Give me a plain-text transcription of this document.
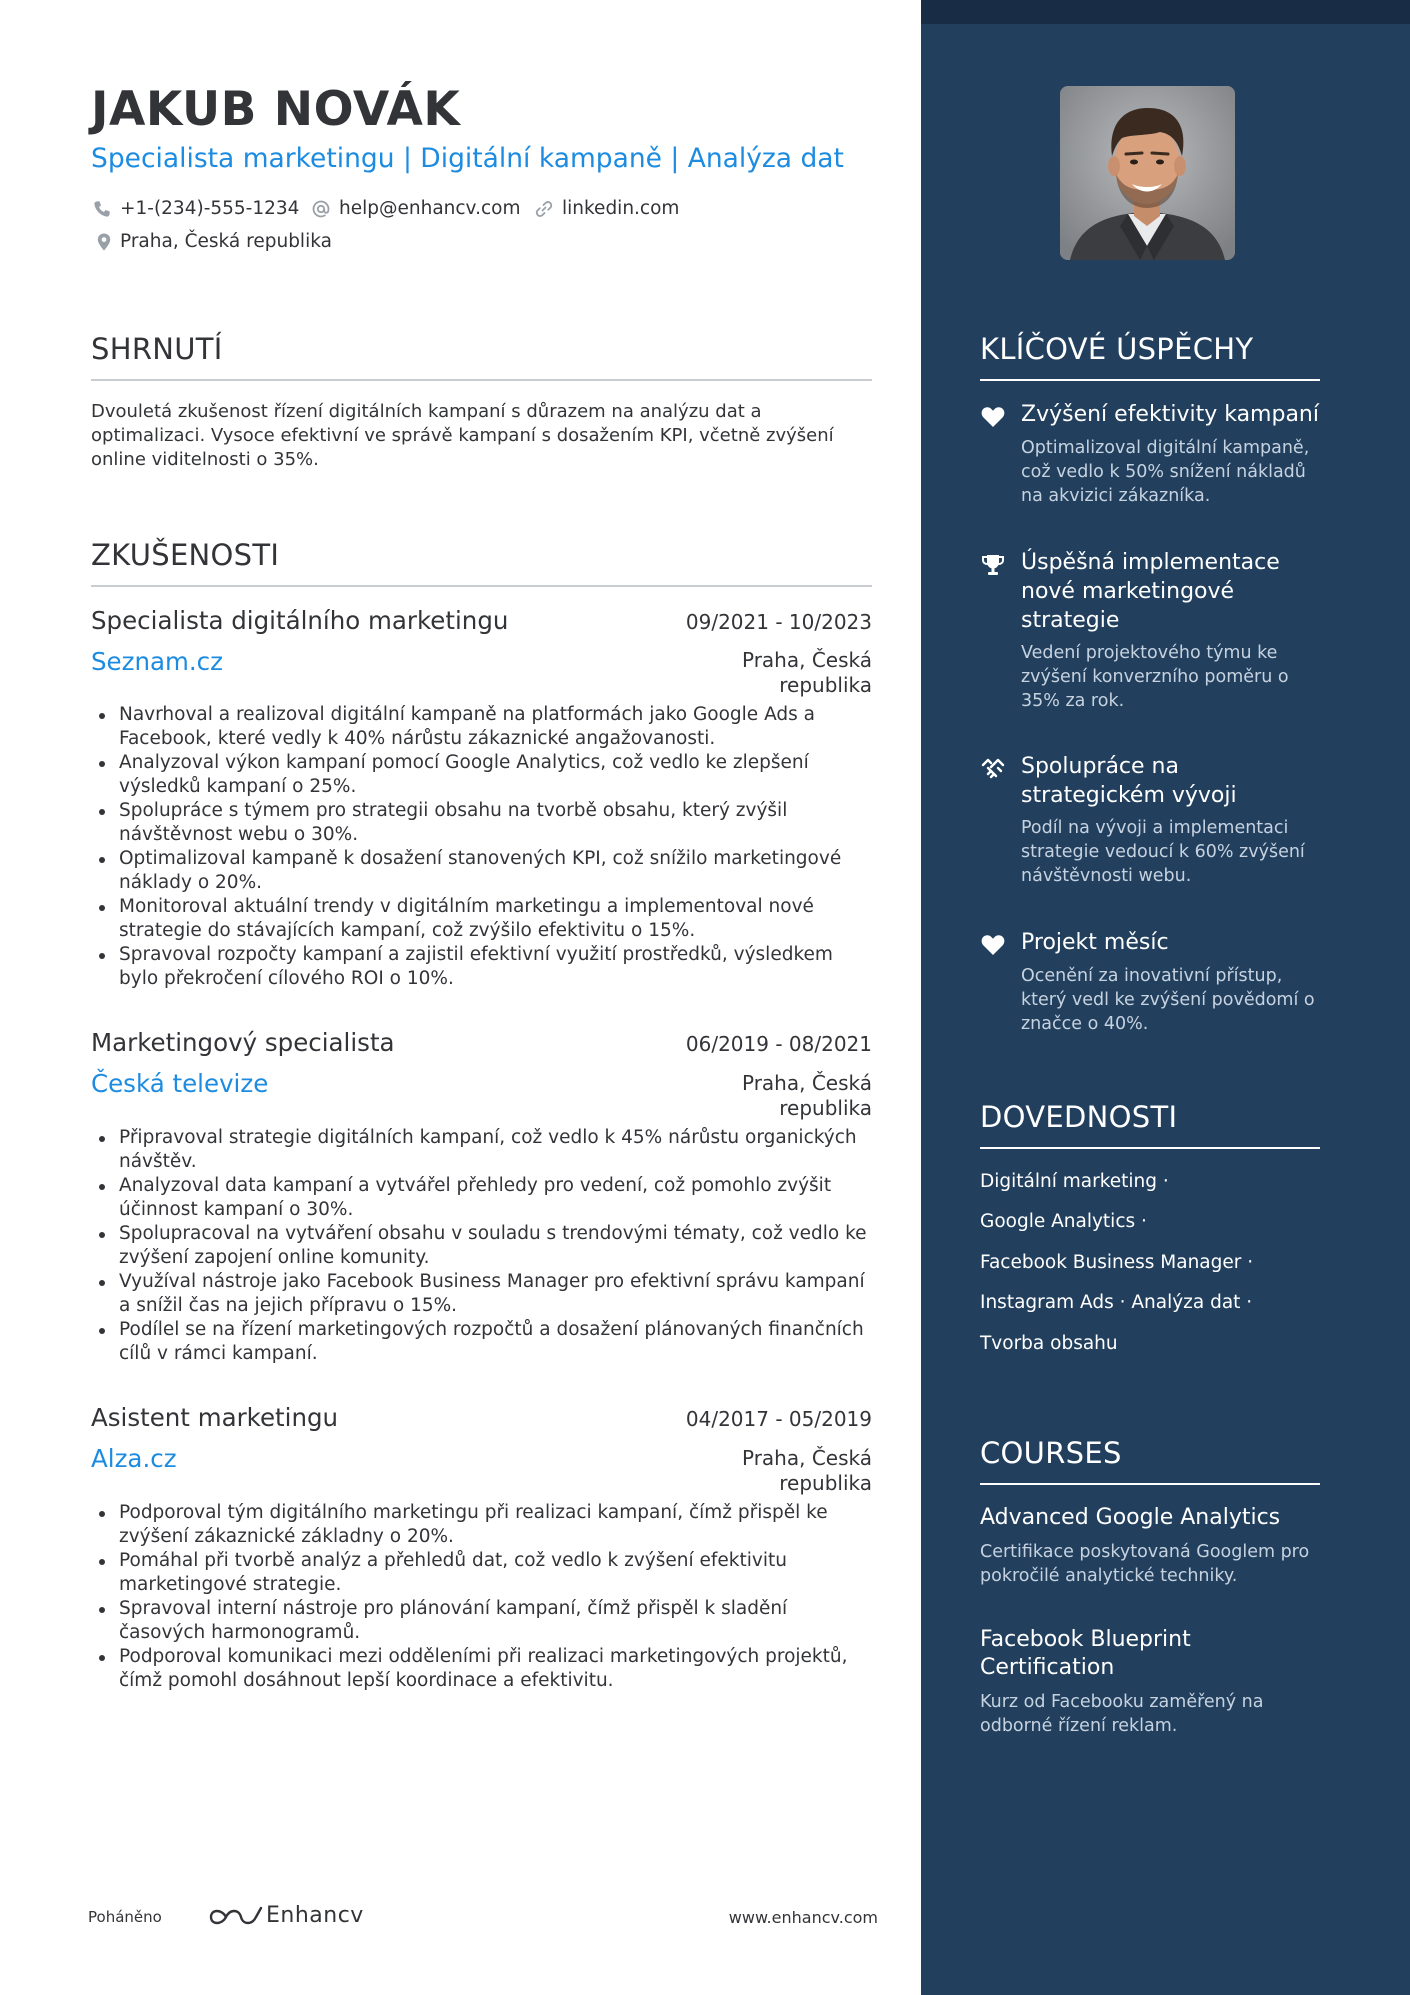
JAKUB NOVÁK
Specialista marketingu | Digitální kampaně | Analýza dat
+1-(234)-555-1234 help@enhancv.com linkedin.com
Praha, Česká republika
SHRNUTÍ
Dvouletá zkušenost řízení digitálních kampaní s důrazem na analýzu dat a optimalizaci. Vysoce efektivní ve správě kampaní s dosažením KPI, včetně zvýšení online viditelnosti o 35%.
ZKUŠENOSTI
Specialista digitálního marketingu	09/2021 - 10/2023
Seznam.cz	Praha, Česká republika
Navrhoval a realizoval digitální kampaně na platformách jako Google Ads a Facebook, které vedly k 40% nárůstu zákaznické angažovanosti.
Analyzoval výkon kampaní pomocí Google Analytics, což vedlo ke zlepšení výsledků kampaní o 25%.
Spolupráce s týmem pro strategii obsahu na tvorbě obsahu, který zvýšil návštěvnost webu o 30%.
Optimalizoval kampaně k dosažení stanovených KPI, což snížilo marketingové náklady o 20%.
Monitoroval aktuální trendy v digitálním marketingu a implementoval nové strategie do stávajících kampaní, což zvýšilo efektivitu o 15%.
Spravoval rozpočty kampaní a zajistil efektivní využití prostředků, výsledkem bylo překročení cílového ROI o 10%.
Marketingový specialista	06/2019 - 08/2021
Česká televize	Praha, Česká republika
Připravoval strategie digitálních kampaní, což vedlo k 45% nárůstu organických návštěv.
Analyzoval data kampaní a vytvářel přehledy pro vedení, což pomohlo zvýšit účinnost kampaní o 30%.
Spolupracoval na vytváření obsahu v souladu s trendovými tématy, což vedlo ke zvýšení zapojení online komunity.
Využíval nástroje jako Facebook Business Manager pro efektivní správu kampaní a snížil čas na jejich přípravu o 15%.
Podílel se na řízení marketingových rozpočtů a dosažení plánovaných finančních cílů v rámci kampaní.
Asistent marketingu	04/2017 - 05/2019
Alza.cz	Praha, Česká republika
Podporoval tým digitálního marketingu při realizaci kampaní, čímž přispěl ke zvýšení zákaznické základny o 20%.
Pomáhal při tvorbě analýz a přehledů dat, což vedlo k zvýšení efektivitu marketingové strategie.
Spravoval interní nástroje pro plánování kampaní, čímž přispěl k sladění časových harmonogramů.
Podporoval komunikaci mezi odděleními při realizaci marketingových projektů, čímž pomohl dosáhnout lepší koordinace a efektivitu.
Poháněno	Enhancv	www.enhancv.com
KLÍČOVÉ ÚSPĚCHY
Zvýšení efektivity kampaní
Optimalizoval digitální kampaně, což vedlo k 50% snížení nákladů na akvizici zákazníka.
Úspěšná implementace nové marketingové strategie
Vedení projektového týmu ke zvýšení konverzního poměru o 35% za rok.
Spolupráce na strategickém vývoji
Podíl na vývoji a implementaci strategie vedoucí k 60% zvýšení návštěvnosti webu.
Projekt měsíc
Ocenění za inovativní přístup, který vedl ke zvýšení povědomí o značce o 40%.
DOVEDNOSTI
Digitální marketing ·
Google Analytics ·
Facebook Business Manager ·
Instagram Ads · Analýza dat ·
Tvorba obsahu
COURSES
Advanced Google Analytics
Certifikace poskytovaná Googlem pro pokročilé analytické techniky.
Facebook Blueprint Certification
Kurz od Facebooku zaměřený na odborné řízení reklam.
